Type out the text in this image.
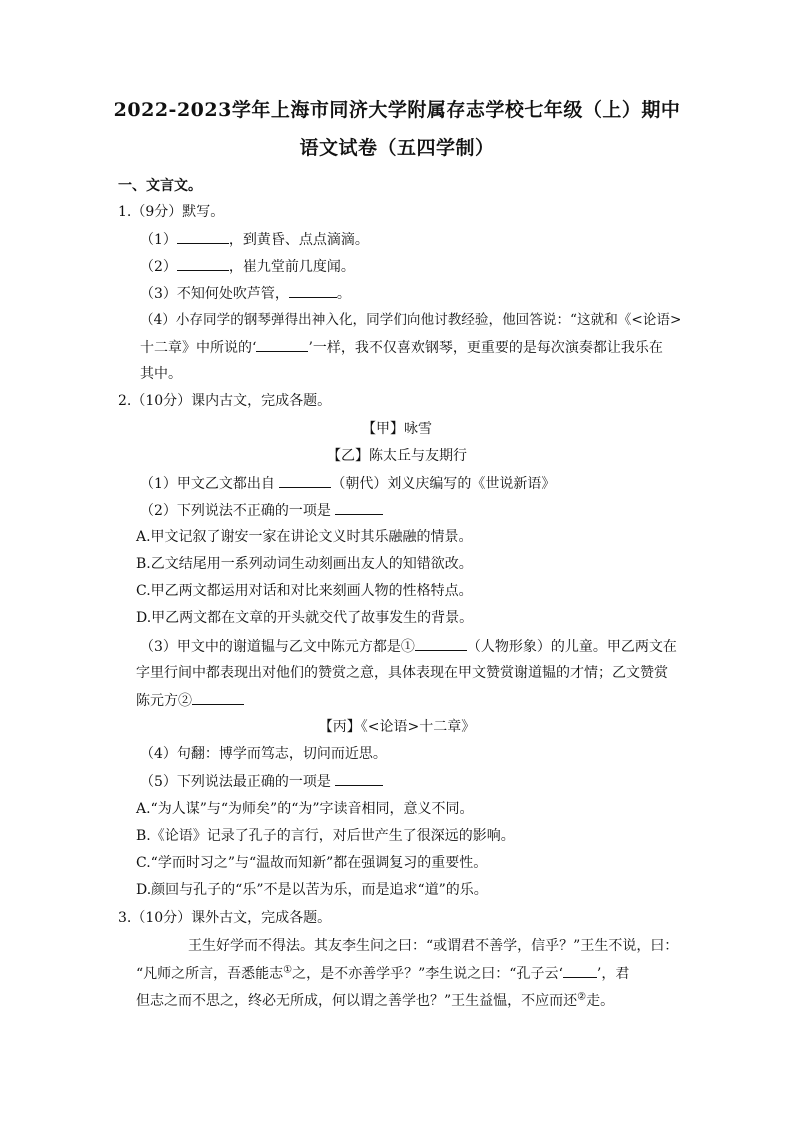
2022-2023学年上海市同济大学附属存志学校七年级（上）期中
语文试卷（五四学制）
一、文言文。
1.（9分）默写。
（1）	，到黄昏、点点滴滴。
（2）	，崔九堂前几度闻。
（3）不知何处吹芦管，	。
（4）小存同学的钢琴弹得出神入化，同学们向他讨教经验，他回答说：“这就和《<论语>
十二章》中所说的‘	’一样，我不仅喜欢钢琴，更重要的是每次演奏都让我乐在
其中。
2.（10分）课内古文，完成各题。
【甲】咏雪
【乙】陈太丘与友期行
（1）甲文乙文都出自	（朝代）刘义庆编写的《世说新语》
（2）下列说法不正确的一项是
A.甲文记叙了谢安一家在讲论文义时其乐融融的情景。
B.乙文结尾用一系列动词生动刻画出友人的知错欲改。
C.甲乙两文都运用对话和对比来刻画人物的性格特点。
D.甲乙两文都在文章的开头就交代了故事发生的背景。
（3）甲文中的谢道韫与乙文中陈元方都是①	（人物形象）的儿童。甲乙两文在
字里行间中都表现出对他们的赞赏之意，具体表现在甲文赞赏谢道韫的才情；乙文赞赏
陈元方②
【丙】《<论语>十二章》
（4）句翻：博学而笃志，切问而近思。
（5）下列说法最正确的一项是
A.“为人谋”与“为师矣”的“为”字读音相同，意义不同。
B.《论语》记录了孔子的言行，对后世产生了很深远的影响。
C.“学而时习之”与“温故而知新”都在强调复习的重要性。
D.颜回与孔子的“乐”不是以苦为乐，而是追求“道”的乐。
3.（10分）课外古文，完成各题。
王生好学而不得法。其友李生问之曰：“或谓君不善学，信乎？”王生不说，曰：
“凡师之所言，吾悉能志①之，是不亦善学乎？”李生说之曰：“孔子云‘ ’，君
但志之而不思之，终必无所成，何以谓之善学也？”王生益愠，不应而还②走。
